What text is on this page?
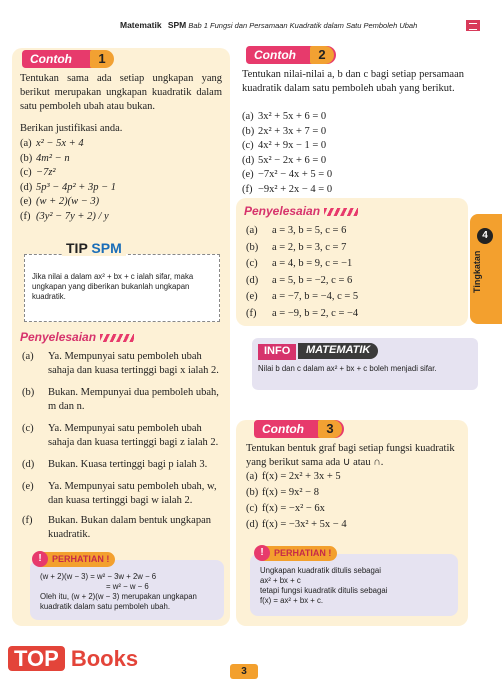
Matematik SPM Bab 1 Fungsi dan Persamaan Kuadratik dalam Satu Pemboleh Ubah
Contoh	1
Tentukan sama ada setiap ungkapan yang berikut merupakan ungkapan kuadratik dalam satu pemboleh ubah atau bukan.
Berikan justifikasi anda.
(a) x² − 5x + 4
(b) 4m² − n
(c) −7z²
(d) 5p³ − 4p² + 3p − 1
(e) (w + 2)(w − 3)
(f) (3y² − 7y + 2) / y
TIP SPM
Jika nilai a dalam ax² + bx + c ialah sifar, maka ungkapan yang diberikan bukanlah ungkapan kuadratik.
Penyelesaian
(a)	Ya. Mempunyai satu pemboleh ubah sahaja dan kuasa tertinggi bagi x ialah 2.
(b)	Bukan. Mempunyai dua pemboleh ubah, m dan n.
(c)	Ya. Mempunyai satu pemboleh ubah sahaja dan kuasa tertinggi bagi z ialah 2.
(d)	Bukan. Kuasa tertinggi bagi p ialah 3.
(e)	Ya. Mempunyai satu pemboleh ubah, w, dan kuasa tertinggi bagi w ialah 2.
(f)	Bukan. Bukan dalam bentuk ungkapan kuadratik.
PERHATIAN !
!
(w + 2)(w − 3) = w² − 3w + 2w − 6
= w² − w − 6
Oleh itu, (w + 2)(w − 3) merupakan ungkapan kuadratik dalam satu pemboleh ubah.
Contoh	2
Tentukan nilai-nilai a, b dan c bagi setiap persamaan kuadratik dalam satu pemboleh ubah yang berikut.
(a) 3x² + 5x + 6 = 0
(b) 2x² + 3x + 7 = 0
(c) 4x² + 9x − 1 = 0
(d) 5x² − 2x + 6 = 0
(e) −7x² − 4x + 5 = 0
(f) −9x² + 2x − 4 = 0
Penyelesaian
(a)	a = 3, b = 5, c = 6
(b)	a = 2, b = 3, c = 7
(c)	a = 4, b = 9, c = −1
(d)	a = 5, b = −2, c = 6
(e)	a = −7, b = −4, c = 5
(f)	a = −9, b = 2, c = −4
MATEMATIK
INFO
Nilai b dan c dalam ax² + bx + c boleh menjadi sifar.
Contoh	3
Tentukan bentuk graf bagi setiap fungsi kuadratik yang berikut sama ada ∪ atau ∩.
(a) f(x) = 2x² + 3x + 5
(b) f(x) = 9x² − 8
(c) f(x) = −x² − 6x
(d) f(x) = −3x² + 5x − 4
PERHATIAN !
!
Ungkapan kuadratik ditulis sebagai
ax² + bx + c
tetapi fungsi kuadratik ditulis sebagai
f(x) = ax² + bx + c.
Tingkatan
4
3
TOP Books
